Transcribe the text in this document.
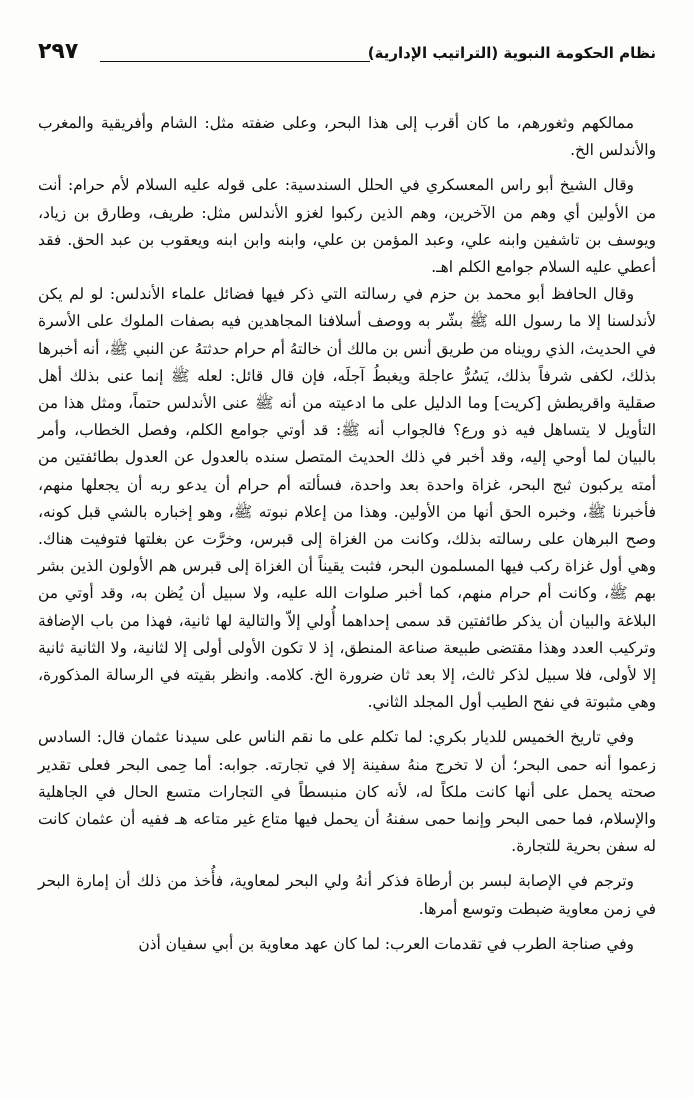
نظام الحكومة النبوية (التراتيب الإدارية)
٢٩٧

ممالكهم وثغورهم، ما كان أقرب إلى هذا البحر، وعلى ضفته مثل: الشام وأفريقية والمغرب والأندلس الخ.

وقال الشيخ أبو راس المعسكري في الحلل السندسية: على قوله عليه السلام لأم حرام: أنت من الأولين أي وهم من الآخرين، وهم الذين ركبوا لغزو الأندلس مثل: طريف، وطارق بن زياد، ويوسف بن تاشفين وابنه علي، وعبد المؤمن بن علي، وابنه وابن ابنه ويعقوب بن عبد الحق. فقد أعطي عليه السلام جوامع الكلم اهـ.

وقال الحافظ أبو محمد بن حزم في رسالته التي ذكر فيها فضائل علماء الأندلس: لو لم يكن لأندلسنا إلا ما رسول الله ﷺ بشّر به ووصف أسلافنا المجاهدين فيه بصفات الملوك على الأسرة في الحديث، الذي رويناه من طريق أنس بن مالك أن خالتهُ أم حرام حدثتهُ عن النبي ﷺ، أنه أخبرها بذلك، لكفى شرفاً بذلك، يَسُرُّ عاجلة ويغبطُ آجلَه، فإن قال قائل: لعله ﷺ إنما عنى بذلك أهل صقلية واقريطش [كريت] وما الدليل على ما ادعيته من أنه ﷺ عنى الأندلس حتماً، ومثل هذا من التأويل لا يتساهل فيه ذو ورع؟ فالجواب أنه ﷺ: قد أوتي جوامع الكلم، وفصل الخطاب، وأمر بالبيان لما أوحي إليه، وقد أخبر في ذلك الحديث المتصل سنده بالعدول عن العدول بطائفتين من أمته يركبون ثبج البحر، غزاة واحدة بعد واحدة، فسألته أم حرام أن يدعو ربه أن يجعلها منهم، فأخبرنا ﷺ، وخبره الحق أنها من الأولين. وهذا من إعلام نبوته ﷺ، وهو إخباره بالشي قبل كونه، وصح البرهان على رسالته بذلك، وكانت من الغزاة إلى قبرس، وخرَّت عن بغلتها فتوفيت هناك. وهي أول غزاة ركب فيها المسلمون البحر، فثبت يقيناً أن الغزاة إلى قبرس هم الأولون الذين بشر بهم ﷺ، وكانت أم حرام منهم، كما أخبر صلوات الله عليه، ولا سبيل أن يُظن به، وقد أوتي من البلاغة والبيان أن يذكر طائفتين قد سمى إحداهما أُولي إلاّ والتالية لها ثانية، فهذا من باب الإضافة وتركيب العدد وهذا مقتضى طبيعة صناعة المنطق، إذ لا تكون الأولى أولى إلا لثانية، ولا الثانية ثانية إلا لأولى، فلا سبيل لذكر ثالث، إلا بعد ثان ضرورة الخ. كلامه. وانظر بقيته في الرسالة المذكورة، وهي مثبوتة في نفح الطيب أول المجلد الثاني.

وفي تاريخ الخميس للديار بكري: لما تكلم على ما نقم الناس على سيدنا عثمان قال: السادس زعموا أنه حمى البحر؛ أن لا تخرج منهُ سفينة إلا في تجارته. جوابه: أما حِمى البحر فعلى تقدير صحته يحمل على أنها كانت ملكاً له، لأنه كان منبسطاً في التجارات متسع الحال في الجاهلية والإسلام، فما حمى البحر وإنما حمى سفنهُ أن يحمل فيها متاع غير متاعه هـ ففيه أن عثمان كانت له سفن بحرية للتجارة.

وترجم في الإصابة لبسر بن أرطاة فذكر أنهُ ولي البحر لمعاوية، فأُخذ من ذلك أن إمارة البحر في زمن معاوية ضبطت وتوسع أمرها.

وفي صناجة الطرب في تقدمات العرب: لما كان عهد معاوية بن أبي سفيان أذن
